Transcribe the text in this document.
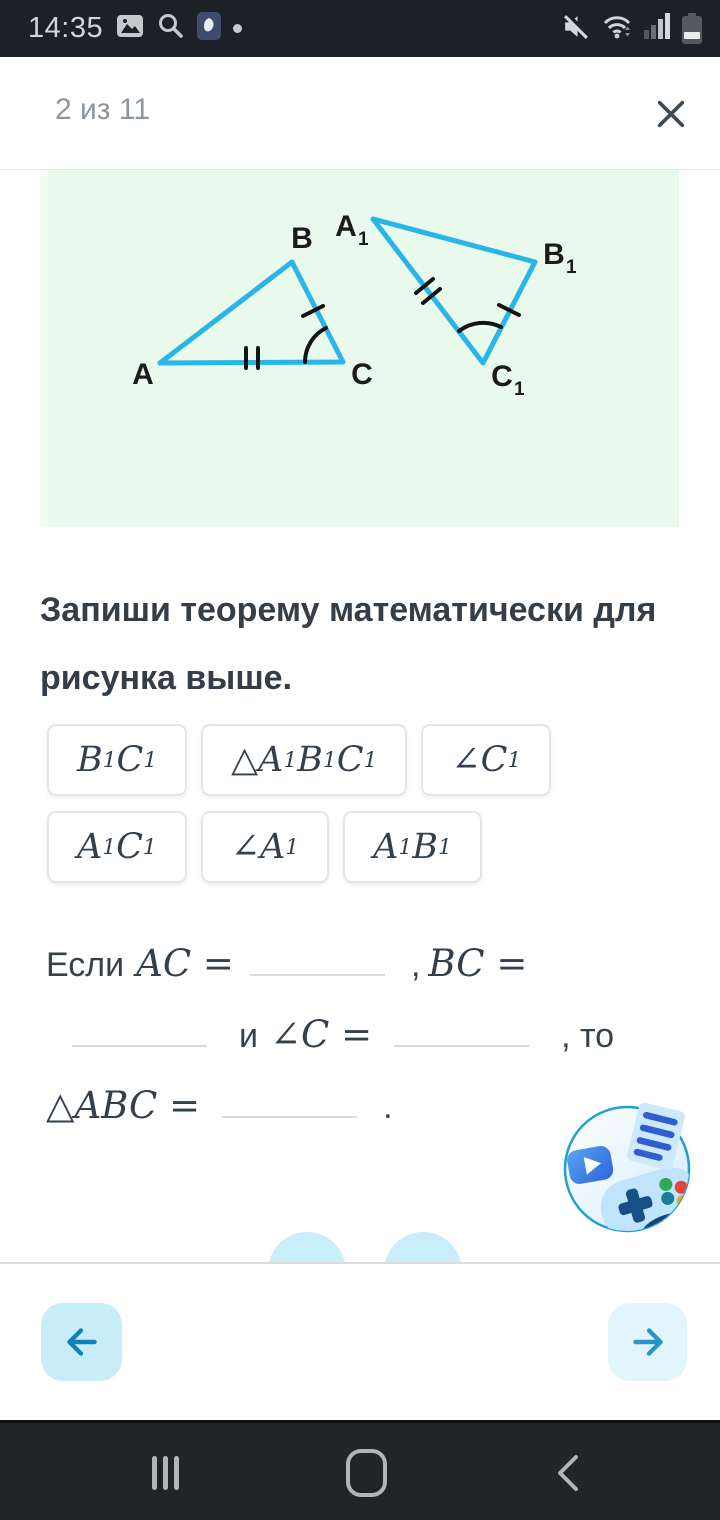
14:35
2 из 11
A
B
C
A 1	B 1
C 1
Запиши теорему математически для рисунка выше.
B 1 C 1	△A 1 B 1 C 1	∠C 1
A 1 C 1	∠A 1	A 1 B 1
Если AC =	, BC =
и ∠C =	, то
△ABC =	.
